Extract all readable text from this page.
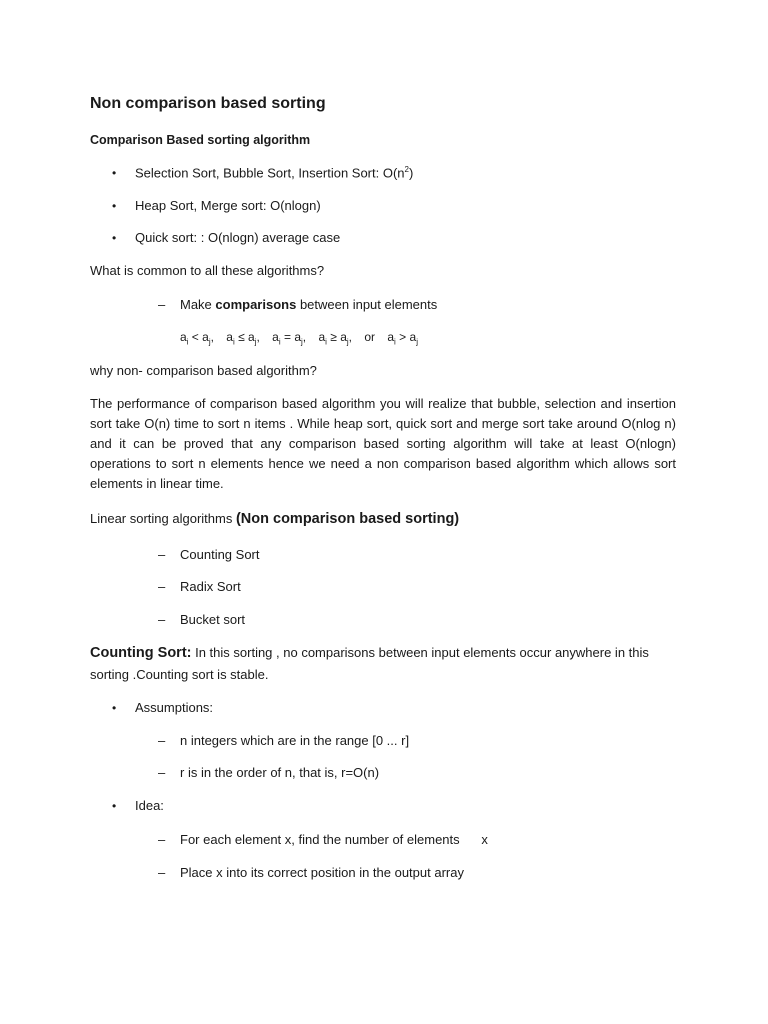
Non comparison based sorting
Comparison Based sorting algorithm
• Selection Sort, Bubble Sort, Insertion Sort: $O(n^2)$
• Heap Sort, Merge sort: O(nlogn)
• Quick sort: : O(nlogn) average case
What is common to all these algorithms?
– Make comparisons between input elements
$a_i < a_j$, $a_i \le a_j$, $a_i = a_j$, $a_i \ge a_j$, or $a_i > a_j$
why non- comparison based algorithm?
The performance of comparison based algorithm you will realize that bubble, selection and insertion
sort take O(n) time to sort n items . While heap sort, quick sort and merge sort take around O(nlog n)
and it can be proved that any comparison based sorting algorithm will take at least O(nlogn)
operations to sort n elements hence we need a non comparison based algorithm which allows sort
elements in linear time.
Linear sorting algorithms (Non comparison based sorting)
– Counting Sort
– Radix Sort
– Bucket sort
Counting Sort: In this sorting , no comparisons between input elements occur anywhere in this
sorting .Counting sort is stable.
• Assumptions:
– n integers which are in the range [0 ... r]
– r is in the order of n, that is, r=O(n)
• Idea:
– For each element x, find the number of elements      x
– Place x into its correct position in the output array
